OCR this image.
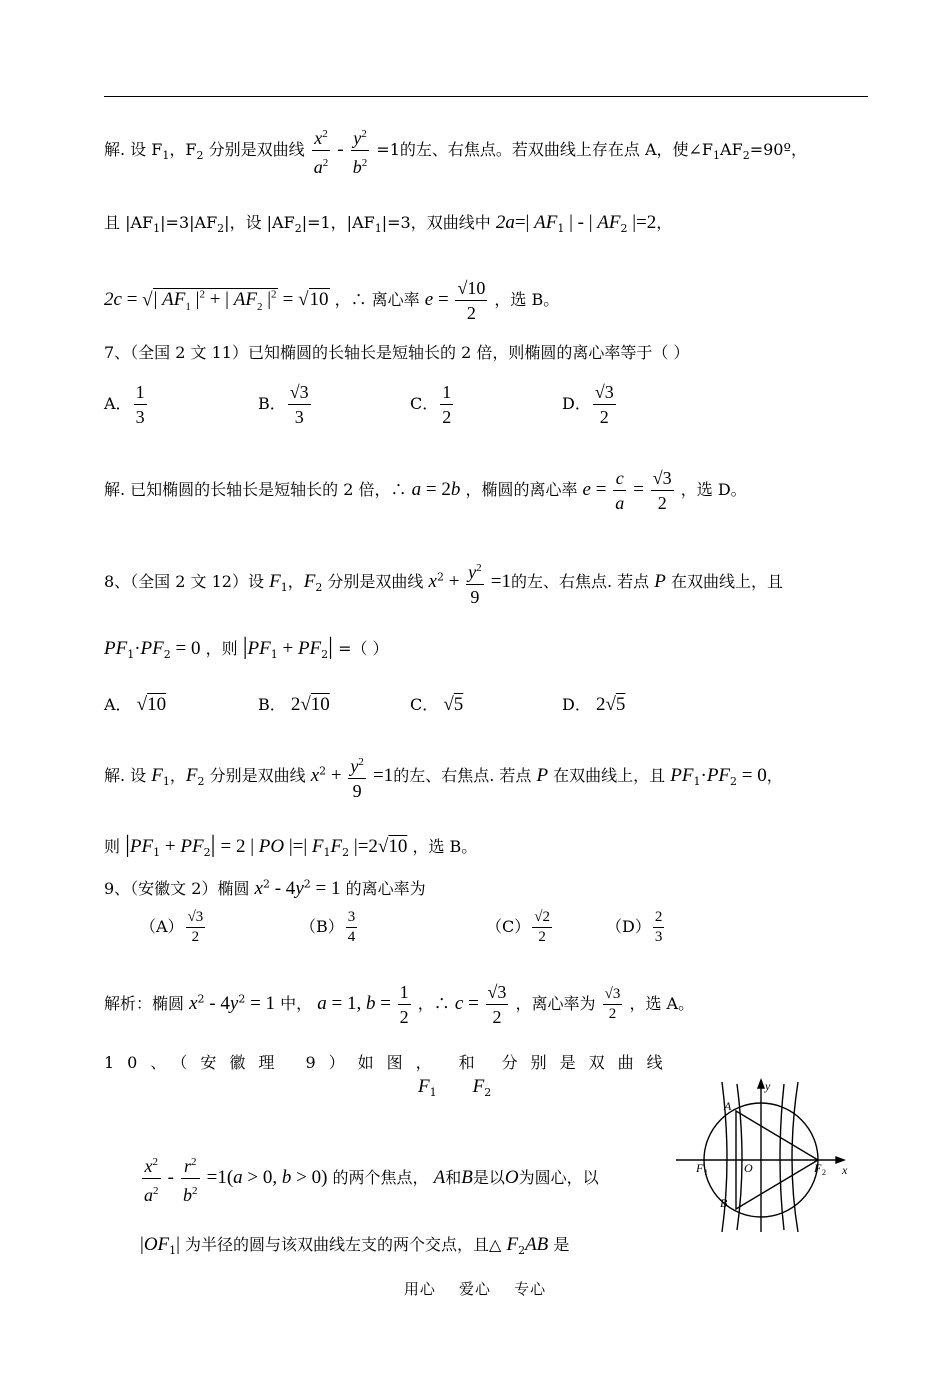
解. 设 $F_1$，$F_2$ 分别是双曲线 $\frac{x^2}{a^2} - \frac{y^2}{b^2} =1$的左、右焦点。若双曲线上存在点 A，使$\angle F_1AF_2=90º$，
且 $|AF_1|=3|AF_2|$，设 $|AF_2|=1$，$|AF_1|=3$，双曲线中 2a=| $AF_1$ | - | $AF_2$ |=2，
2c = √| $AF_1$ $|^2$ + | $AF_2$ $|^2 = √10$ ，∴ 离心率 $e = \frac{√10}{2}$ ，选 B。
7、（全国 2 文 11）已知椭圆的长轴长是短轴长的 2 倍，则椭圆的离心率等于（ ）
A． $\frac{1}{3}$	B． $\frac{√3}{3}$	C． $\frac{1}{2}$	D． $\frac{√3}{2}$
解. 已知椭圆的长轴长是短轴长的 2 倍，∴ a = 2b ，椭圆的离心率 $e = \frac{c}{a} = \frac{√3}{2}$ ，选 D。
8、（全国 2 文 12）设 $F_1$，$F_2$ 分别是双曲线 $x^2 + \frac{y^2}{9} =1$的左、右焦点. 若点 P 在双曲线上，且
$PF_1\cdot PF_2 = 0$ ，则 $|PF_1 + PF_2|$ =（ ）
A． √10	B． 2√10	C． √5	D． 2√5
解. 设 $F_1$，$F_2$ 分别是双曲线 $x^2 + \frac{y^2}{9} =1$的左、右焦点. 若点 P 在双曲线上，且 $PF_1\cdot PF_2 = 0$，
则 $|PF_1 + PF_2| = 2$ | PO |=| $F_1F_2$ |=2√10 ，选 B。
9、（安徽文 2）椭圆 $x^2 - 4y^2 = 1$ 的离心率为
$(A) \frac{√3}{2}$	$(B) \frac{3}{4}$	$(C) \frac{√2}{2}$	$(D) \frac{2}{3}$
解析：椭圆 $x^2 - 4y^2 = 1$ 中， a = 1, $b = \frac{1}{2}$ ，∴ $c = \frac{√3}{2}$ ，离心率为 $\frac{√3}{2}$ ，选 A。
10、（安徽理 9）如图， 和 分别是双曲线
$F_1$ $F_2$
$\frac{x^2}{a^2} - \frac{r^2}{b^2} =1(a > 0$, b > 0) 的两个焦点， A和B是以O为圆心，以
$|OF_1|$ 为半径的圆与该双曲线左支的两个交点，且△ $F_2AB$ 是
A
B
O
F 1	F 2 x
y
用心    爱心    专心
